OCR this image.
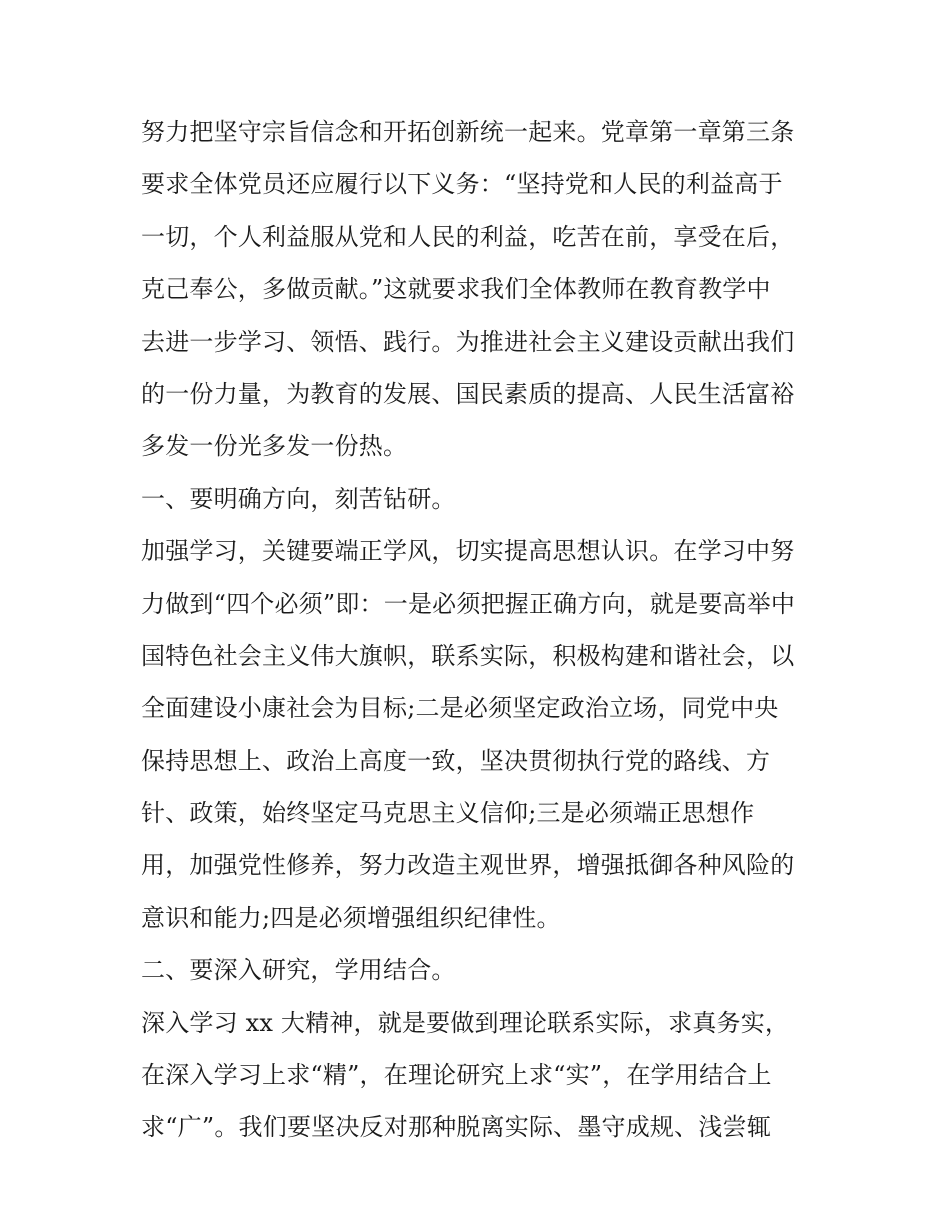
努力把坚守宗旨信念和开拓创新统一起来。党章第一章第三条
要求全体党员还应履行以下义务：“坚持党和人民的利益高于
一切，个人利益服从党和人民的利益，吃苦在前，享受在后，
克己奉公，多做贡献。”这就要求我们全体教师在教育教学中
去进一步学习、领悟、践行。为推进社会主义建设贡献出我们
的一份力量，为教育的发展、国民素质的提高、人民生活富裕
多发一份光多发一份热。
一、要明确方向，刻苦钻研。
加强学习，关键要端正学风，切实提高思想认识。在学习中努
力做到“四个必须”即：一是必须把握正确方向，就是要高举中
国特色社会主义伟大旗帜，联系实际，积极构建和谐社会，以
全面建设小康社会为目标;二是必须坚定政治立场，同党中央
保持思想上、政治上高度一致，坚决贯彻执行党的路线、方
针、政策，始终坚定马克思主义信仰;三是必须端正思想作
用，加强党性修养，努力改造主观世界，增强抵御各种风险的
意识和能力;四是必须增强组织纪律性。
二、要深入研究，学用结合。
深入学习 xx 大精神，就是要做到理论联系实际，求真务实，
在深入学习上求“精”，在理论研究上求“实”，在学用结合上
求“广”。我们要坚决反对那种脱离实际、墨守成规、浅尝辄
